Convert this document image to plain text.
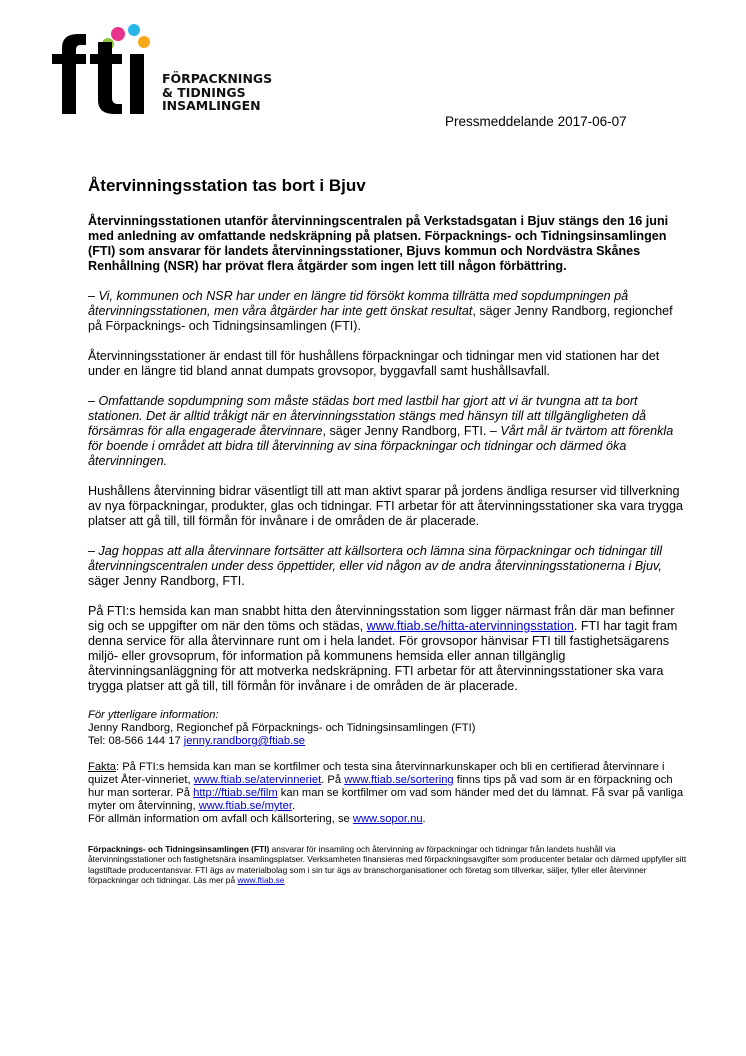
FÖRPACKNINGS
& TIDNINGS
INSAMLINGEN
Pressmeddelande 2017-06-07
Återvinningsstation tas bort i Bjuv

Återvinningsstationen utanför återvinningscentralen på Verkstadsgatan i Bjuv stängs den 16 juni med anledning av omfattande nedskräpning på platsen. Förpacknings- och Tidningsinsamlingen (FTI) som ansvarar för landets återvinningsstationer, Bjuvs kommun och Nordvästra Skånes Renhållning (NSR) har prövat flera åtgärder som ingen lett till någon förbättring.

– Vi, kommunen och NSR har under en längre tid försökt komma tillrätta med sopdumpningen på återvinningsstationen, men våra åtgärder har inte gett önskat resultat, säger Jenny Randborg, regionchef på Förpacknings- och Tidningsinsamlingen (FTI).

Återvinningsstationer är endast till för hushållens förpackningar och tidningar men vid stationen har det under en längre tid bland annat dumpats grovsopor, byggavfall samt hushållsavfall.

– Omfattande sopdumpning som måste städas bort med lastbil har gjort att vi är tvungna att ta bort stationen. Det är alltid tråkigt när en återvinningsstation stängs med hänsyn till att tillgängligheten då försämras för alla engagerade återvinnare, säger Jenny Randborg, FTI. – Vårt mål är tvärtom att förenkla för boende i området att bidra till återvinning av sina förpackningar och tidningar och därmed öka återvinningen.

Hushållens återvinning bidrar väsentligt till att man aktivt sparar på jordens ändliga resurser vid tillverkning av nya förpackningar, produkter, glas och tidningar. FTI arbetar för att återvinningsstationer ska vara trygga platser att gå till, till förmån för invånare i de områden de är placerade.

– Jag hoppas att alla återvinnare fortsätter att källsortera och lämna sina förpackningar och tidningar till återvinningscentralen under dess öppettider, eller vid någon av de andra återvinningsstationerna i Bjuv, säger Jenny Randborg, FTI.

På FTI:s hemsida kan man snabbt hitta den återvinningsstation som ligger närmast från där man befinner sig och se uppgifter om när den töms och städas, www.ftiab.se/hitta-atervinningsstation. FTI har tagit fram denna service för alla återvinnare runt om i hela landet. För grovsopor hänvisar FTI till fastighetsägarens miljö- eller grovsoprum, för information på kommunens hemsida eller annan tillgänglig återvinningsanläggning för att motverka nedskräpning. FTI arbetar för att återvinningsstationer ska vara trygga platser att gå till, till förmån för invånare i de områden de är placerade.

För ytterligare information:
Jenny Randborg, Regionchef på Förpacknings- och Tidningsinsamlingen (FTI)
Tel: 08-566 144 17 jenny.randborg@ftiab.se
Fakta: På FTI:s hemsida kan man se kortfilmer och testa sina återvinnarkunskaper och bli en certifierad återvinnare i quizet Åter-vinneriet, www.ftiab.se/atervinneriet. På www.ftiab.se/sortering finns tips på vad som är en förpackning och hur man sorterar. På http://ftiab.se/film kan man se kortfilmer om vad som händer med det du lämnat. Få svar på vanliga myter om återvinning, www.ftiab.se/myter.
För allmän information om avfall och källsortering, se www.sopor.nu.

Förpacknings- och Tidningsinsamlingen (FTI) ansvarar för insamling och återvinning av förpackningar och tidningar från landets hushåll via återvinningsstationer och fastighetsnära insamlingsplatser. Verksamheten finansieras med förpackningsavgifter som producenter betalar och därmed uppfyller sitt lagstiftade producentansvar. FTI ägs av materialbolag som i sin tur ägs av branschorganisationer och företag som tillverkar, säljer, fyller eller återvinner förpackningar och tidningar. Läs mer på www.ftiab.se
